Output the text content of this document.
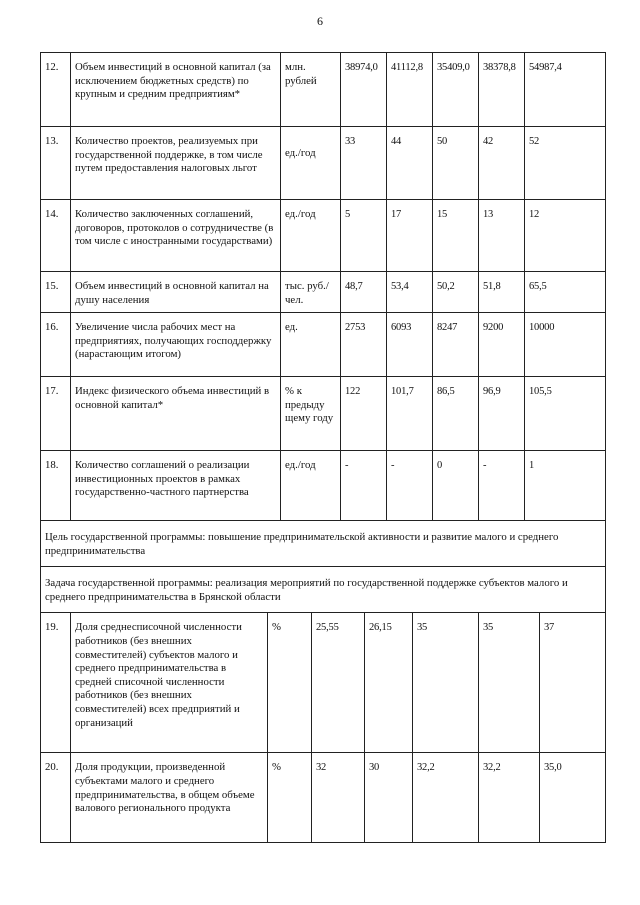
6
12.	Объем инвестиций в основной капитал (за исключением бюджетных средств) по крупным и средним предприятиям*	млн. рублей	38974,0	41112,8	35409,0	38378,8	54987,4
13.	Количество проектов, реализуемых при государственной поддержке, в том числе путем предоставления налоговых льгот	ед./год	33	44	50	42	52
14.	Количество заключенных соглашений, договоров, протоколов о сотрудничестве (в том числе с иностранными государствами)	ед./год	5	17	15	13	12
15.	Объем инвестиций в основной капитал на душу населения	тыс. руб./чел.	48,7	53,4	50,2	51,8	65,5
16.	Увеличение числа рабочих мест на предприятиях, получающих господдержку (нарастающим итогом)	ед.	2753	6093	8247	9200	10000
17.	Индекс физического объема инвестиций в основной капитал*	% к предыду щему году	122	101,7	86,5	96,9	105,5
18.	Количество соглашений о реализации инвестиционных проектов в рамках государственно-частного партнерства	ед./год	-	-	0	-	1
Цель государственной программы: повышение предпринимательской активности и развитие малого и среднего предпринимательства							
Задача государственной программы: реализация мероприятий по государственной поддержке субъектов малого и среднего предпринимательства в Брянской области							
19.	Доля среднесписочной численности работников (без внешних совместителей) субъектов малого и среднего предпринимательства в средней списочной численности работников (без внешних совместителей) всех предприятий и организаций	%	25,55	26,15	35	35	37
20.	Доля продукции, произведенной субъектами малого и среднего предпринимательства, в общем объеме валового регионального продукта	%	32	30	32,2	32,2	35,0
